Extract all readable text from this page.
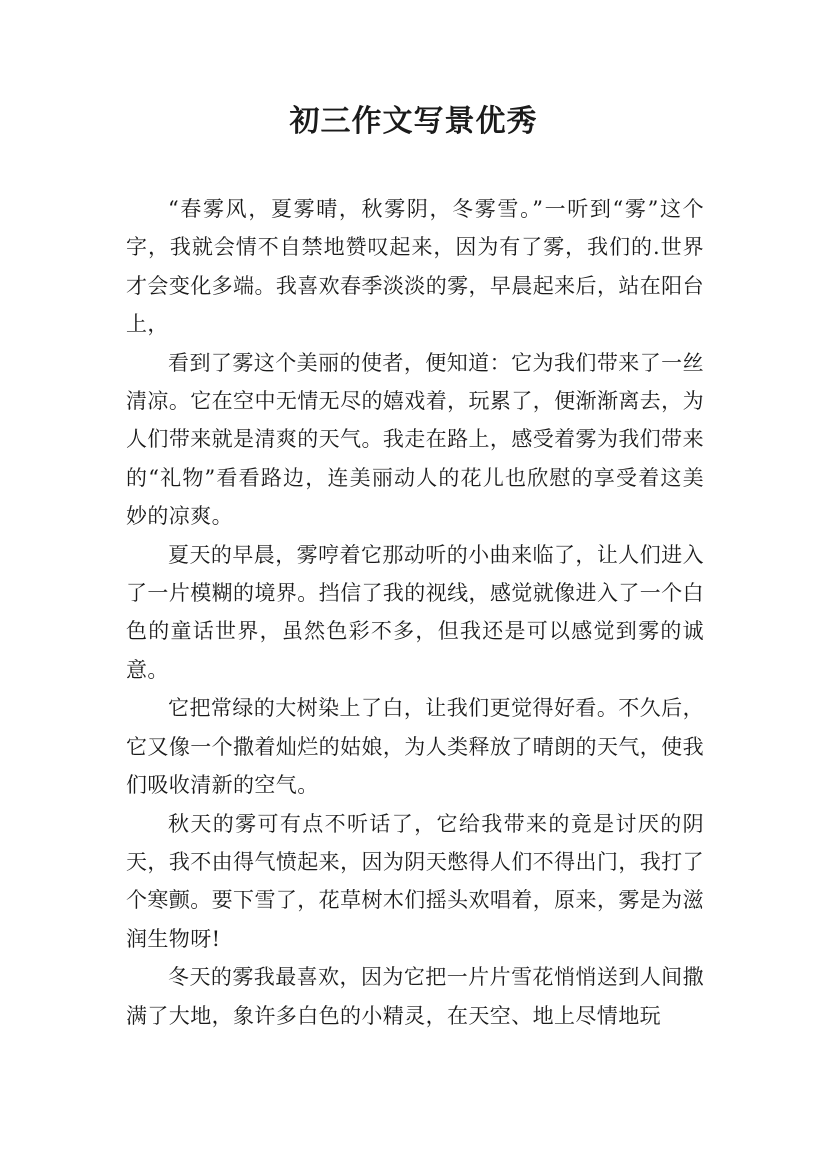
初三作文写景优秀

“春雾风，夏雾晴，秋雾阴，冬雾雪。”一听到“雾”这个字，我就会情不自禁地赞叹起来，因为有了雾，我们的.世界才会变化多端。我喜欢春季淡淡的雾，早晨起来后，站在阳台上，

看到了雾这个美丽的使者，便知道：它为我们带来了一丝清凉。它在空中无情无尽的嬉戏着，玩累了，便渐渐离去，为人们带来就是清爽的天气。我走在路上，感受着雾为我们带来的“礼物”看看路边，连美丽动人的花儿也欣慰的享受着这美妙的凉爽。

夏天的早晨，雾哼着它那动听的小曲来临了，让人们进入了一片模糊的境界。挡信了我的视线，感觉就像进入了一个白色的童话世界，虽然色彩不多，但我还是可以感觉到雾的诚意。

它把常绿的大树染上了白，让我们更觉得好看。不久后，它又像一个撒着灿烂的姑娘，为人类释放了晴朗的天气，使我们吸收清新的空气。

秋天的雾可有点不听话了，它给我带来的竟是讨厌的阴天，我不由得气愤起来，因为阴天憋得人们不得出门，我打了个寒颤。要下雪了，花草树木们摇头欢唱着，原来，雾是为滋润生物呀!

冬天的雾我最喜欢，因为它把一片片雪花悄悄送到人间撒满了大地，象许多白色的小精灵，在天空、地上尽情地玩
